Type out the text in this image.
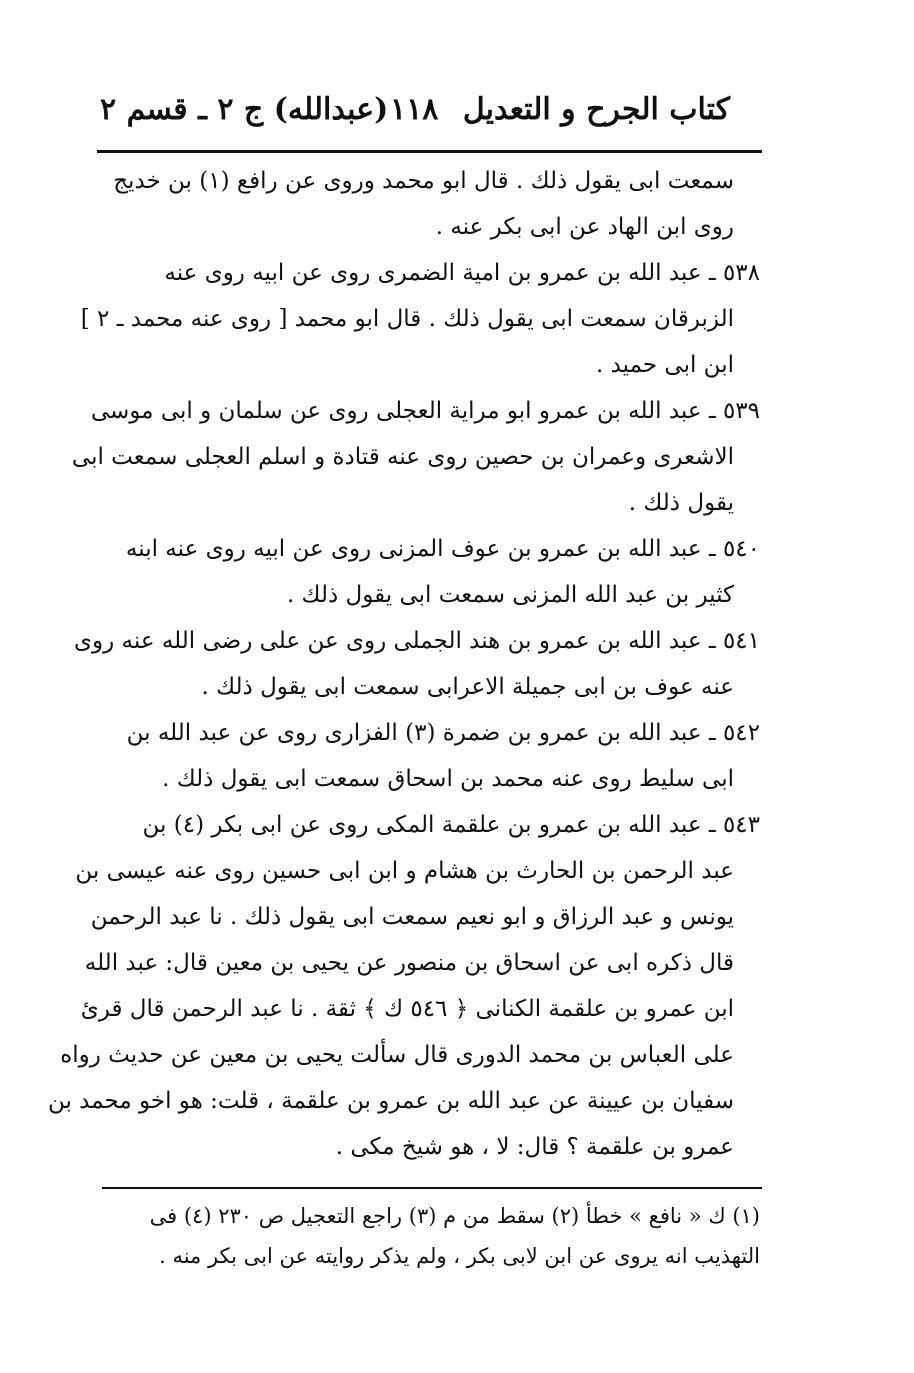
كتاب الجرح و التعديل
١١٨
(عبدالله) ج ٢ ـ قسم ٢
سمعت ابى يقول ذلك . قال ابو محمد وروى عن رافع (١) بن خديج
روى ابن الهاد عن ابى بكر عنه .
٥٣٨ ـ عبد الله بن عمرو بن امية الضمرى روى عن ابيه روى عنه
الزبرقان سمعت ابى يقول ذلك . قال ابو محمد [ روى عنه محمد ـ ٢ ]
ابن ابى حميد .
٥٣٩ ـ عبد الله بن عمرو ابو مراية العجلى روى عن سلمان و ابى موسى
الاشعرى وعمران بن حصين روى عنه قتادة و اسلم العجلى سمعت ابى
يقول ذلك .
٥٤٠ ـ عبد الله بن عمرو بن عوف المزنى روى عن ابيه روى عنه ابنه
كثير بن عبد الله المزنى سمعت ابى يقول ذلك .
٥٤١ ـ عبد الله بن عمرو بن هند الجملى روى عن على رضى الله عنه روى
عنه عوف بن ابى جميلة الاعرابى سمعت ابى يقول ذلك .
٥٤٢ ـ عبد الله بن عمرو بن ضمرة (٣) الفزارى روى عن عبد الله بن
ابى سليط روى عنه محمد بن اسحاق سمعت ابى يقول ذلك .
٥٤٣ ـ عبد الله بن عمرو بن علقمة المكى روى عن ابى بكر (٤) بن
عبد الرحمن بن الحارث بن هشام و ابن ابى حسين روى عنه عيسى بن
يونس و عبد الرزاق و ابو نعيم سمعت ابى يقول ذلك . نا عبد الرحمن
قال ذكره ابى عن اسحاق بن منصور عن يحيى بن معين قال: عبد الله
ابن عمرو بن علقمة الكنانى ﴿ ٥٤٦ ك ﴾ ثقة . نا عبد الرحمن قال قرئ
على العباس بن محمد الدورى قال سألت يحيى بن معين عن حديث رواه
سفيان بن عيينة عن عبد الله بن عمرو بن علقمة ، قلت: هو اخو محمد بن
عمرو بن علقمة ؟ قال: لا ، هو شيخ مكى .
(١) ك « نافع » خطأ (٢) سقط من م (٣) راجع التعجيل ص ٢٣٠ (٤) فى
التهذيب انه يروى عن ابن لابى بكر ، ولم يذكر روايته عن ابى بكر منه .
